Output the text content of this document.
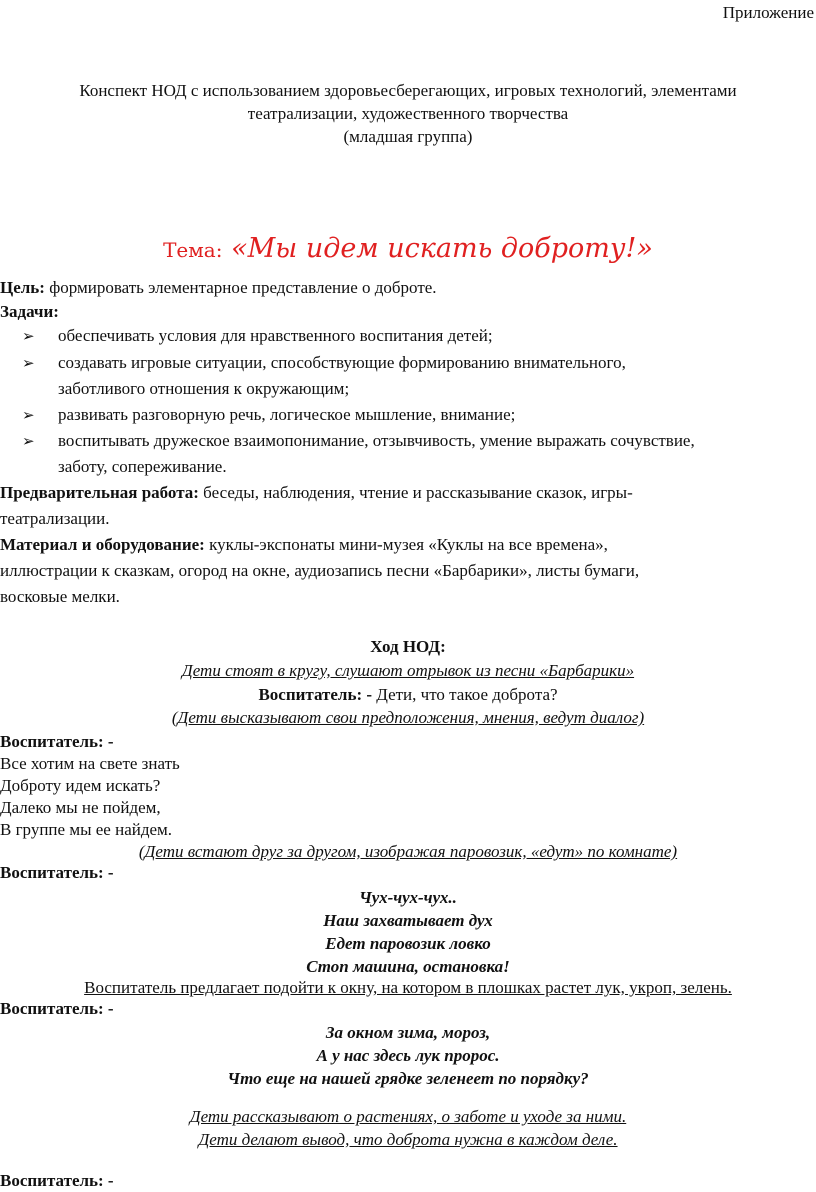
Приложение
Конспект НОД с использованием здоровьесберегающих, игровых технологий, элементами
театрализации, художественного творчества
(младшая группа)
Тема: «Мы идем искать доброту!»
Цель: формировать элементарное представление о доброте.
Задачи:
➢ обеспечивать условия для нравственного воспитания детей;
➢ создавать игровые ситуации, способствующие формированию внимательного,
заботливого отношения к окружающим;
➢ развивать разговорную речь, логическое мышление, внимание;
➢ воспитывать дружеское взаимопонимание, отзывчивость, умение выражать сочувствие,
заботу, сопереживание.
Предварительная работа: беседы, наблюдения, чтение и рассказывание сказок, игры-
театрализации.
Материал и оборудование: куклы-экспонаты мини-музея «Куклы на все времена»,
иллюстрации к сказкам, огород на окне, аудиозапись песни «Барбарики», листы бумаги,
восковые мелки.
Ход НОД:
Дети стоят в кругу, слушают отрывок из песни «Барбарики»
Воспитатель: - Дети, что такое доброта?
(Дети высказывают свои предположения, мнения, ведут диалог)
Воспитатель: -
Все хотим на свете знать
Доброту идем искать?
Далеко мы не пойдем,
В группе мы ее найдем.
(Дети встают друг за другом, изображая паровозик, «едут» по комнате)
Воспитатель: -
Чух-чух-чух..
Наш захватывает дух
Едет паровозик ловко
Стоп машина, остановка!
Воспитатель предлагает подойти к окну, на котором в плошках растет лук, укроп, зелень.
Воспитатель: -
За окном зима, мороз,
А у нас здесь лук пророс.
Что еще на нашей грядке зеленеет по порядку?
Дети рассказывают о растениях, о заботе и уходе за ними.
Дети делают вывод, что доброта нужна в каждом деле.
Воспитатель: -
